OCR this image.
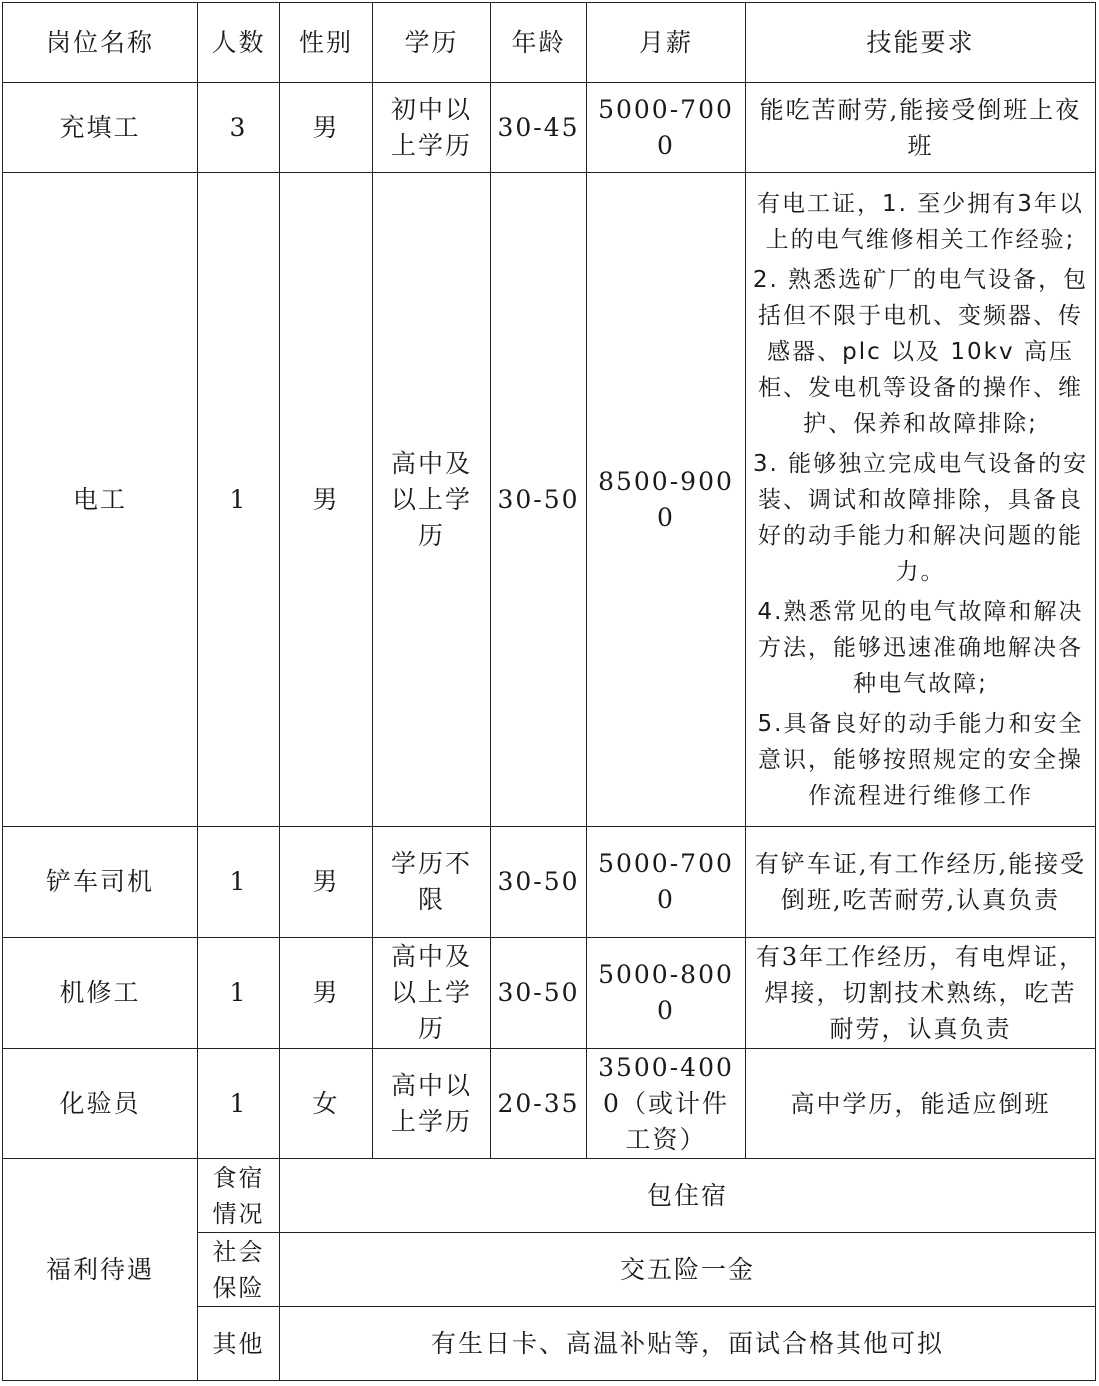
岗位名称	人数	性别	学历	年龄	月薪	技能要求
充填工	3	男	初中以上学历	30-45	5000-7000	能吃苦耐劳,能接受倒班上夜班

电工	1	男	高中及以上学历	30-50	8500-9000	有电工证，1. 至少拥有3年以上的电气维修相关工作经验;
2. 熟悉选矿厂的电气设备，包括但不限于电机、变频器、传感器、plc 以及 10kv 高压柜、发电机等设备的操作、维护、保养和故障排除;
3. 能够独立完成电气设备的安装、调试和故障排除，具备良好的动手能力和解决问题的能力。
4.熟悉常见的电气故障和解决方法，能够迅速准确地解决各种电气故障;
5.具备良好的动手能力和安全意识，能够按照规定的安全操作流程进行维修工作

铲车司机	1	男	学历不限	30-50	5000-7000	有铲车证,有工作经历,能接受倒班,吃苦耐劳,认真负责

机修工	1	男	高中及以上学历	30-50	5000-8000	有3年工作经历，有电焊证，焊接，切割技术熟练，吃苦耐劳，认真负责

化验员	1	女	高中以上学历	20-35	3500-4000（或计件工资）	高中学历，能适应倒班

福利待遇	食宿情况	包住宿				
	社会保险	交五险一金				
	其他	有生日卡、高温补贴等，面试合格其他可拟				
